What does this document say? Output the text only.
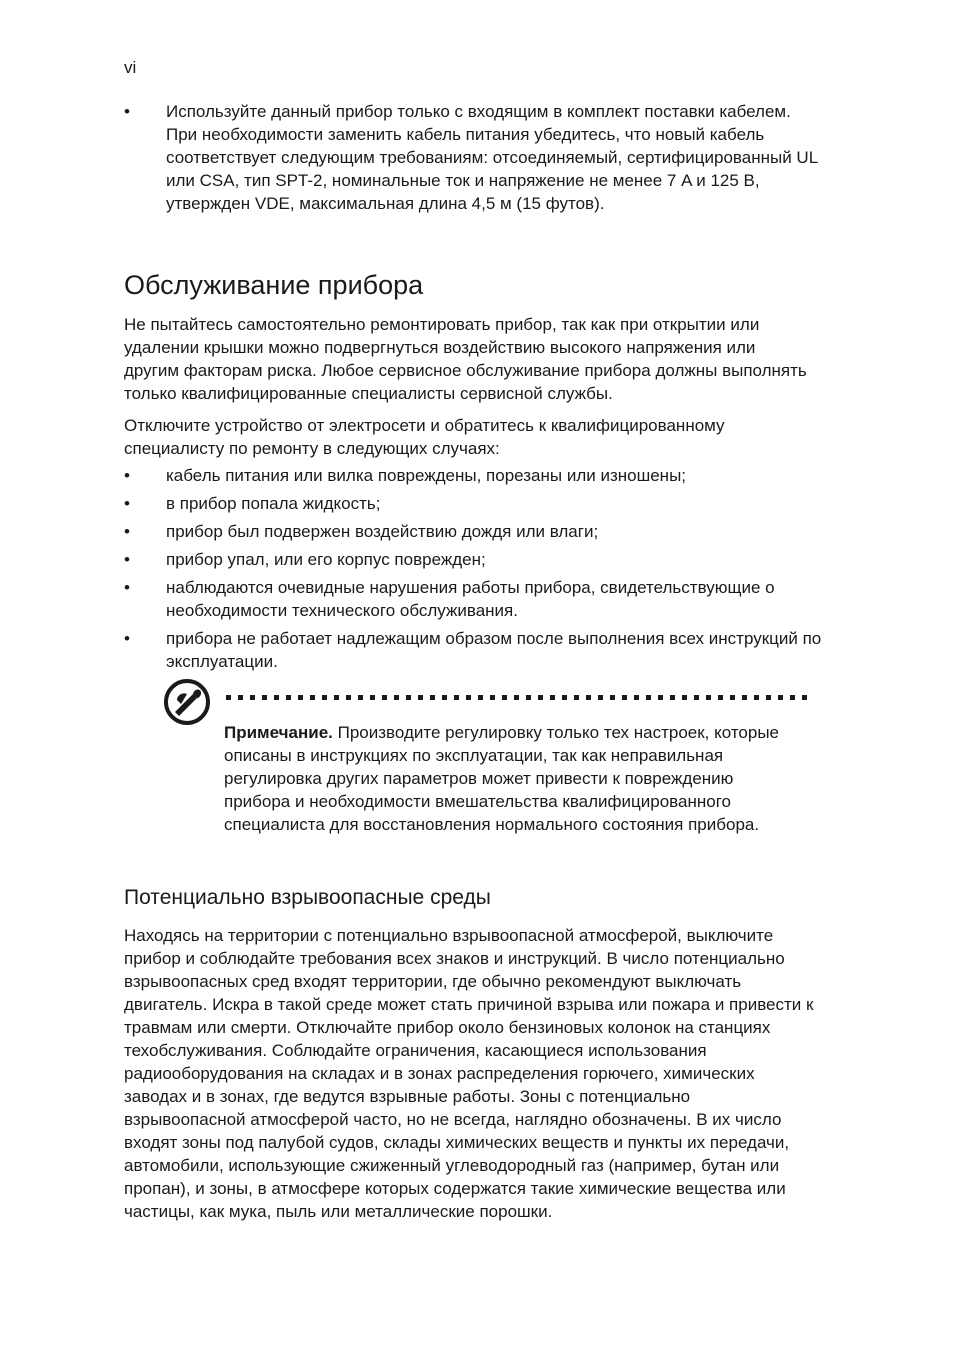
vi
• Используйте данный прибор только с входящим в комплект поставки кабелем. При необходимости заменить кабель питания убедитесь, что новый кабель соответствует следующим требованиям: отсоединяемый, сертифицированный UL или CSA, тип SPT-2, номинальные ток и напряжение не менее 7 A и 125 В, утвержден VDE, максимальная длина 4,5 м (15 футов).
Обслуживание прибора

Не пытайтесь самостоятельно ремонтировать прибор, так как при открытии или удалении крышки можно подвергнуться воздействию высокого напряжения или другим факторам риска. Любое сервисное обслуживание прибора должны выполнять только квалифицированные специалисты сервисной службы.

Отключите устройство от электросети и обратитесь к квалифицированному специалисту по ремонту в следующих случаях:

• кабель питания или вилка повреждены, порезаны или изношены;
• в прибор попала жидкость;
• прибор был подвержен воздействию дождя или влаги;
• прибор упал, или его корпус поврежден;
• наблюдаются очевидные нарушения работы прибора, свидетельствующие о необходимости технического обслуживания.
• прибора не работает надлежащим образом после выполнения всех инструкций по эксплуатации.

Примечание. Производите регулировку только тех настроек, которые описаны в инструкциях по эксплуатации, так как неправильная регулировка других параметров может привести к повреждению прибора и необходимости вмешательства квалифицированного специалиста для восстановления нормального состояния прибора.

Потенциально взрывоопасные среды

Находясь на территории с потенциально взрывоопасной атмосферой, выключите прибор и соблюдайте требования всех знаков и инструкций. В число потенциально взрывоопасных сред входят территории, где обычно рекомендуют выключать двигатель. Искра в такой среде может стать причиной взрыва или пожара и привести к травмам или смерти. Отключайте прибор около бензиновых колонок на станциях техобслуживания. Соблюдайте ограничения, касающиеся использования радиооборудования на складах и в зонах распределения горючего, химических заводах и в зонах, где ведутся взрывные работы. Зоны с потенциально взрывоопасной атмосферой часто, но не всегда, наглядно обозначены. В их число входят зоны под палубой судов, склады химических веществ и пункты их передачи, автомобили, использующие сжиженный углеводородный газ (например, бутан или пропан), и зоны, в атмосфере которых содержатся такие химические вещества или частицы, как мука, пыль или металлические порошки.
